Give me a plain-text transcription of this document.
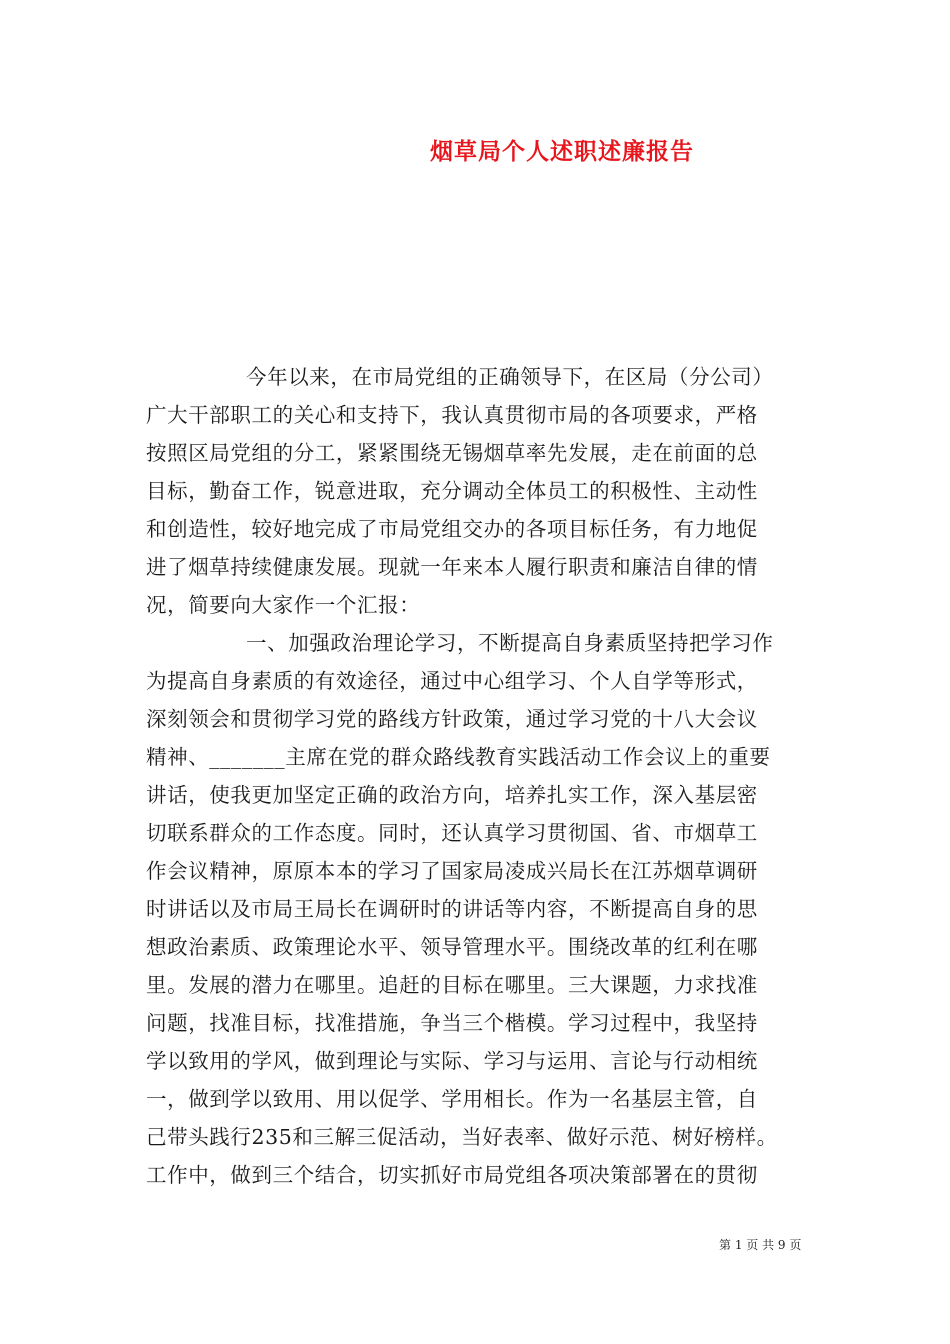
烟草局个人述职述廉报告
今年以来，在市局党组的正确领导下，在区局（分公司）
广大干部职工的关心和支持下，我认真贯彻市局的各项要求，严格
按照区局党组的分工，紧紧围绕无锡烟草率先发展，走在前面的总
目标，勤奋工作，锐意进取，充分调动全体员工的积极性、主动性
和创造性，较好地完成了市局党组交办的各项目标任务，有力地促
进了烟草持续健康发展。现就一年来本人履行职责和廉洁自律的情
况，简要向大家作一个汇报：
一、加强政治理论学习，不断提高自身素质坚持把学习作
为提高自身素质的有效途径，通过中心组学习、个人自学等形式，
深刻领会和贯彻学习党的路线方针政策，通过学习党的十八大会议
精神、_______主席在党的群众路线教育实践活动工作会议上的重要
讲话，使我更加坚定正确的政治方向，培养扎实工作，深入基层密
切联系群众的工作态度。同时，还认真学习贯彻国、省、市烟草工
作会议精神，原原本本的学习了国家局凌成兴局长在江苏烟草调研
时讲话以及市局王局长在调研时的讲话等内容，不断提高自身的思
想政治素质、政策理论水平、领导管理水平。围绕改革的红利在哪
里。发展的潜力在哪里。追赶的目标在哪里。三大课题，力求找准
问题，找准目标，找准措施，争当三个楷模。学习过程中，我坚持
学以致用的学风，做到理论与实际、学习与运用、言论与行动相统
一，做到学以致用、用以促学、学用相长。作为一名基层主管，自
己带头践行235和三解三促活动，当好表率、做好示范、树好榜样。
工作中，做到三个结合，切实抓好市局党组各项决策部署在的贯彻
第 1 页 共 9 页
